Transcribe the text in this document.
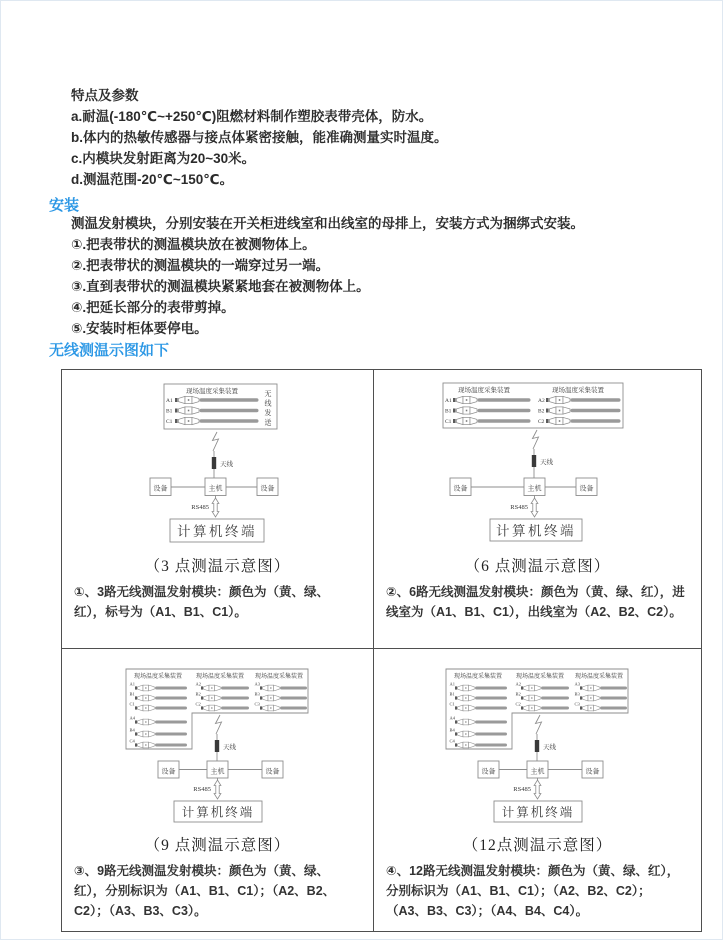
特点及参数
a.耐温(-180℃~+250℃)阻燃材料制作塑胶表带壳体，防水。
b.体内的热敏传感器与接点体紧密接触，能准确测量实时温度。
c.内模块发射距离为20~30米。
d.测温范围-20℃~150℃。
安装
测温发射模块，分别安装在开关柜进线室和出线室的母排上，安装方式为捆绑式安装。
①.把表带状的测温模块放在被测物体上。
②.把表带状的测温模块的一端穿过另一端。
③.直到表带状的测温模块紧紧地套在被测物体上。
④.把延长部分的表带剪掉。
⑤.安装时柜体要停电。
无线测温示图如下
现场温度采集装置
A1
B1
C1
无
线
发
送
天线
设备	主机	设备
RS485
计算机终端
（3 点测温示意图）
①、3路无线测温发射模块：颜色为（黄、绿、红），标号为（A1、B1、C1）。
现场温度采集装置	现场温度采集装置
A1
B1
C1
A2
B2
C2
天线
设备	主机	设备
RS485
计算机终端
（6 点测温示意图）
②、6路无线测温发射模块：颜色为（黄、绿、红），进线室为（A1、B1、C1），出线室为（A2、B2、C2）。
现场温度采集装置 现场温度采集装置 现场温度采集装置
A1
B1
C1
A2
B2
C2
A3
B3
C3
A4
B4
C4
天线
设备	主机	设备
RS485
计算机终端
（9 点测温示意图）
③、9路无线测温发射模块：颜色为（黄、绿、红），分别标识为（A1、B1、C1）；（A2、B2、C2）；（A3、B3、C3）。
现场温度采集装置 现场温度采集装置 现场温度采集装置
A1
B1
C1
A2
B2
C2
A3
B3
C3
A4
B4
C4
天线
设备	主机	设备
RS485
计算机终端
（12点测温示意图）
④、12路无线测温发射模块：颜色为（黄、绿、红），分别标识为（A1、B1、C1）；（A2、B2、C2）；（A3、B3、C3）；（A4、B4、C4）。
